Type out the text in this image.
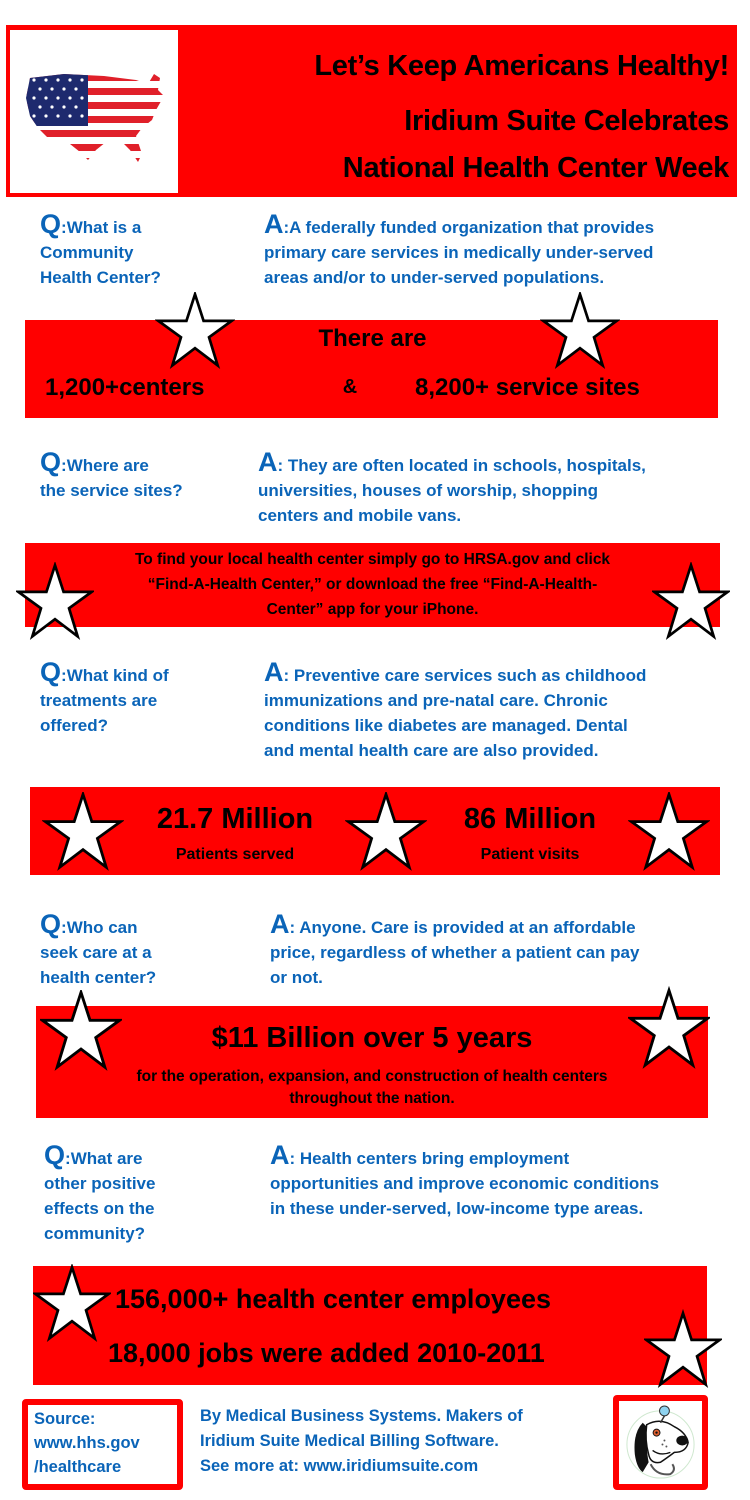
Let’s Keep Americans Healthy!
Iridium Suite Celebrates
National Health Center Week
Q:What is a
Community
Health Center?
A:A federally funded organization that provides
primary care services in medically under-served
areas and/or to under-served populations.
There are
1,200+centers	& 8,200+ service sites
Q:Where are
the service sites?
A: They are often located in schools, hospitals,
universities, houses of worship, shopping
centers and mobile vans.
To find your local health center simply go to HRSA.gov and click
“Find-A-Health Center,” or download the free “Find-A-Health-
Center” app for your iPhone.
Q:What kind of
treatments are
offered?
A: Preventive care services such as childhood
immunizations and pre-natal care. Chronic
conditions like diabetes are managed. Dental
and mental health care are also provided.
21.7 Million
Patients served
86 Million
Patient visits
Q:Who can
seek care at a
health center?
A: Anyone. Care is provided at an affordable
price, regardless of whether a patient can pay
or not.
$11 Billion over 5 years
for the operation, expansion, and construction of health centers
throughout the nation.
Q:What are
other positive
effects on the
community?
A: Health centers bring employment
opportunities and improve economic conditions
in these under-served, low-income type areas.
156,000+ health center employees
18,000 jobs were added 2010-2011
Source:
www.hhs.gov
/healthcare
By Medical Business Systems. Makers of
Iridium Suite Medical Billing Software.
See more at: www.iridiumsuite.com
